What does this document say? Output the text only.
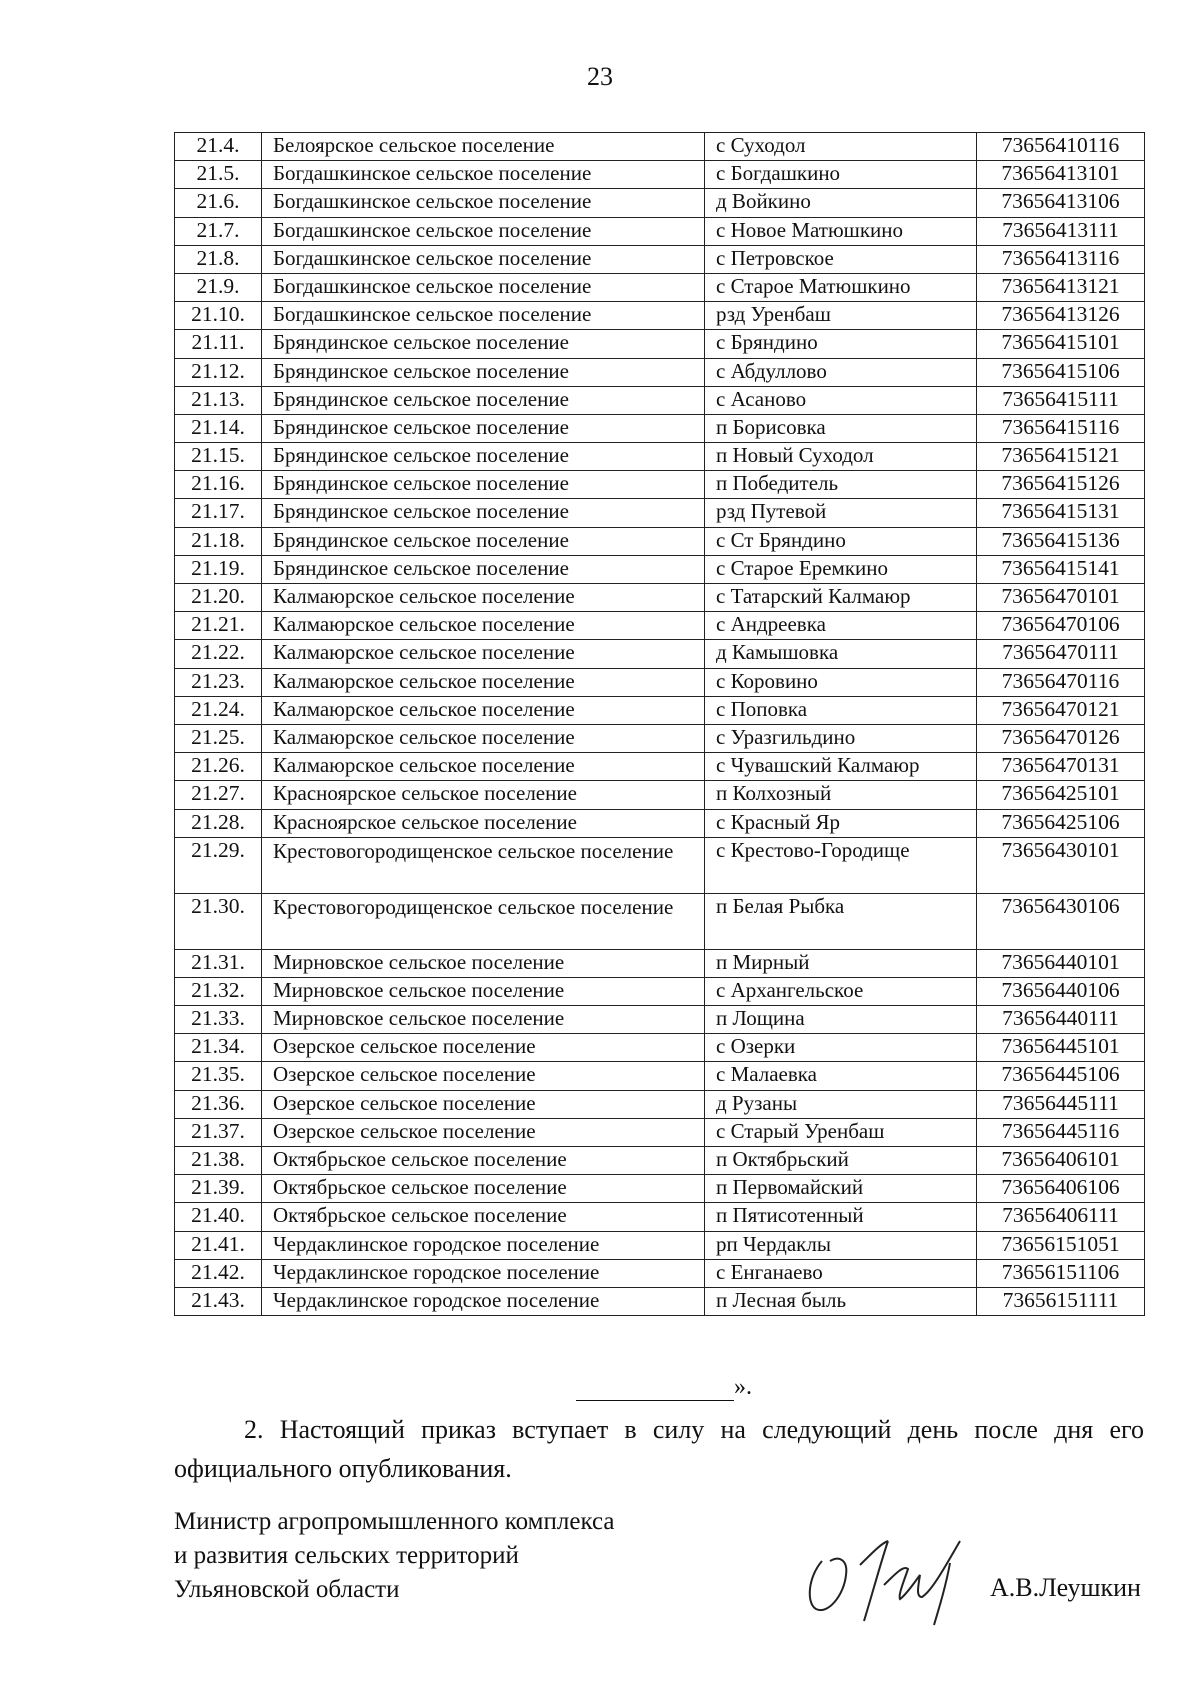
23
21.4.	Белоярское сельское поселение	с Суходол	73656410116
21.5.	Богдашкинское сельское поселение	с Богдашкино	73656413101
21.6.	Богдашкинское сельское поселение	д Войкино	73656413106
21.7.	Богдашкинское сельское поселение	с Новое Матюшкино	73656413111
21.8.	Богдашкинское сельское поселение	с Петровское	73656413116
21.9.	Богдашкинское сельское поселение	с Старое Матюшкино	73656413121
21.10.	Богдашкинское сельское поселение	рзд Уренбаш	73656413126
21.11.	Бряндинское сельское поселение	с Бряндино	73656415101
21.12.	Бряндинское сельское поселение	с Абдуллово	73656415106
21.13.	Бряндинское сельское поселение	с Асаново	73656415111
21.14.	Бряндинское сельское поселение	п Борисовка	73656415116
21.15.	Бряндинское сельское поселение	п Новый Суходол	73656415121
21.16.	Бряндинское сельское поселение	п Победитель	73656415126
21.17.	Бряндинское сельское поселение	рзд Путевой	73656415131
21.18.	Бряндинское сельское поселение	с Ст Бряндино	73656415136
21.19.	Бряндинское сельское поселение	с Старое Еремкино	73656415141
21.20.	Калмаюрское сельское поселение	с Татарский Калмаюр	73656470101
21.21.	Калмаюрское сельское поселение	с Андреевка	73656470106
21.22.	Калмаюрское сельское поселение	д Камышовка	73656470111
21.23.	Калмаюрское сельское поселение	с Коровино	73656470116
21.24.	Калмаюрское сельское поселение	с Поповка	73656470121
21.25.	Калмаюрское сельское поселение	с Уразгильдино	73656470126
21.26.	Калмаюрское сельское поселение	с Чувашский Калмаюр	73656470131
21.27.	Красноярское сельское поселение	п Колхозный	73656425101
21.28.	Красноярское сельское поселение	с Красный Яр	73656425106
21.29.	Крестовогородищенское сельское поселение	с Крестово-Городище	73656430101
21.30.	Крестовогородищенское сельское поселение	п Белая Рыбка	73656430106
21.31.	Мирновское сельское поселение	п Мирный	73656440101
21.32.	Мирновское сельское поселение	с Архангельское	73656440106
21.33.	Мирновское сельское поселение	п Лощина	73656440111
21.34.	Озерское сельское поселение	с Озерки	73656445101
21.35.	Озерское сельское поселение	с Малаевка	73656445106
21.36.	Озерское сельское поселение	д Рузаны	73656445111
21.37.	Озерское сельское поселение	с Старый Уренбаш	73656445116
21.38.	Октябрьское сельское поселение	п Октябрьский	73656406101
21.39.	Октябрьское сельское поселение	п Первомайский	73656406106
21.40.	Октябрьское сельское поселение	п Пятисотенный	73656406111
21.41.	Чердаклинское городское поселение	рп Чердаклы	73656151051
21.42.	Чердаклинское городское поселение	с Енганаево	73656151106
21.43.	Чердаклинское городское поселение	п Лесная быль	73656151111
».
2. Настоящий приказ вступает в силу на следующий день после дня его официального опубликования.
Министр агропромышленного комплекса
и развития сельских территорий
Ульяновской области	А.В.Леушкин
